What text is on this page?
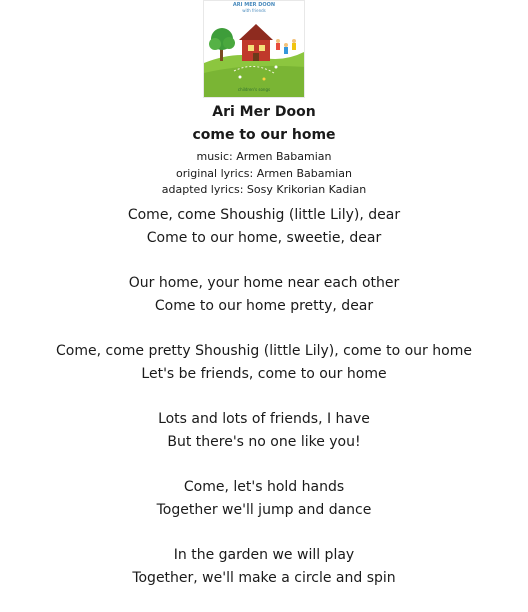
ARI MER DOON
with friends
children's songs
Ari Mer Doon
come to our home
music: Armen Babamian
original lyrics: Armen Babamian
adapted lyrics: Sosy Krikorian Kadian
Come, come Shoushig (little Lily), dear
Come to our home, sweetie, dear
Our home, your home near each other
Come to our home pretty, dear
Come, come pretty Shoushig (little Lily), come to our home
Let's be friends, come to our home
Lots and lots of friends, I have
But there's no one like you!
Come, let's hold hands
Together we'll jump and dance
In the garden we will play
Together, we'll make a circle and spin
